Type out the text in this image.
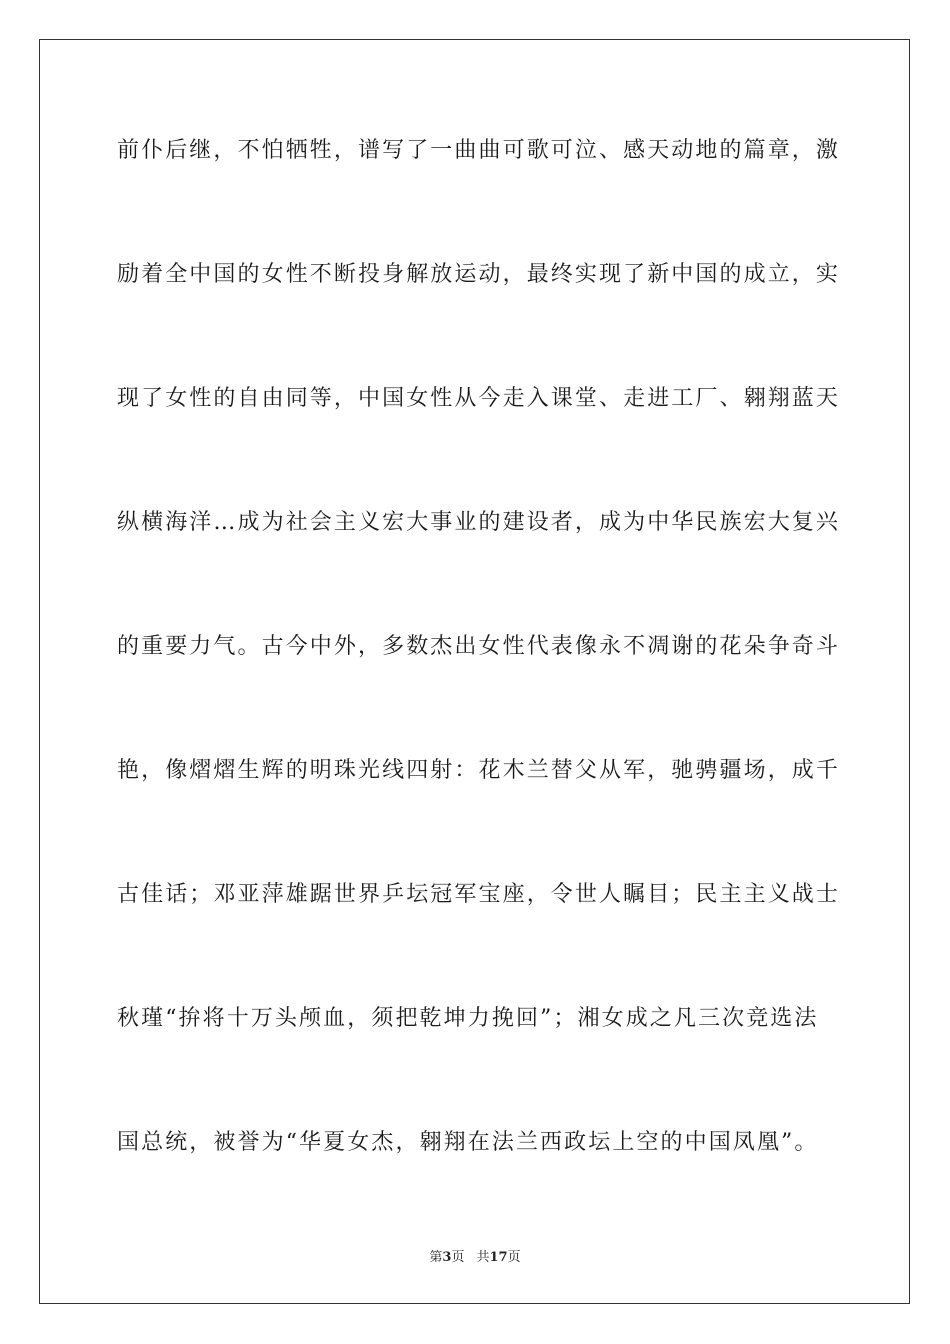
前仆后继，不怕牺牲，谱写了一曲曲可歌可泣、感天动地的篇章，激
励着全中国的女性不断投身解放运动，最终实现了新中国的成立，实
现了女性的自由同等，中国女性从今走入课堂、走进工厂、翱翔蓝天
纵横海洋…成为社会主义宏大事业的建设者，成为中华民族宏大复兴
的重要力气。古今中外，多数杰出女性代表像永不凋谢的花朵争奇斗
艳，像熠熠生辉的明珠光线四射：花木兰替父从军，驰骋疆场，成千
古佳话；邓亚萍雄踞世界乒坛冠军宝座，令世人瞩目；民主主义战士
秋瑾“拚将十万头颅血，须把乾坤力挽回”；湘女成之凡三次竞选法
国总统，被誉为“华夏女杰，翱翔在法兰西政坛上空的中国凤凰”。
第3页 共17页
